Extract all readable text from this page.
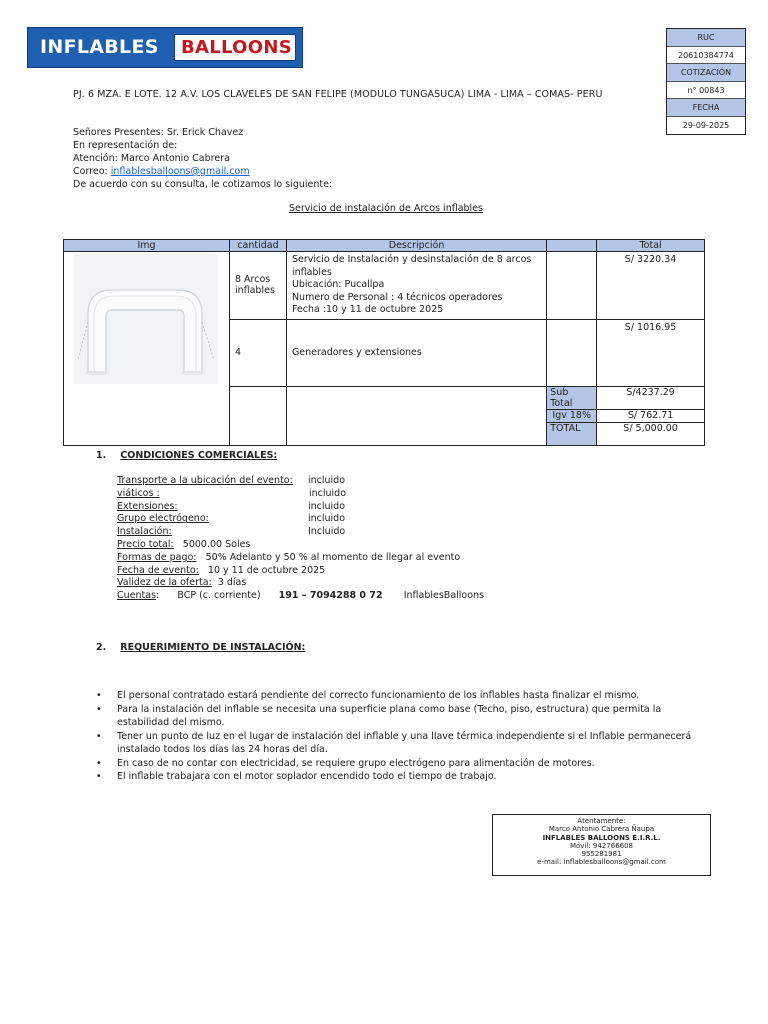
INFLABLES BALLOONS	RUC
20610384774
COTIZACIÓN
n° 00843
FECHA
29-09-2025
PJ. 6 MZA. E LOTE. 12 A.V. LOS CLAVELES DE SAN FELIPE (MODULO TUNGASUCA) LIMA - LIMA – COMAS- PERU
Señores Presentes: Sr. Erick Chavez
En representación de:
Atención: Marco Antonio Cabrera
Correo: inflablesballoons@gmail.com
De acuerdo con su consulta, le cotizamos lo siguiente:
Servicio de instalación de Arcos inflables
Img	cantidad	Descripción		Total

	8 Arcos inflables	Servicio de Instalación y desinstalación de 8 arcos inflables
Ubicación: Pucallpa
Numero de Personal : 4 técnicos operadores
Fecha :10 y 11 de octubre 2025		S/ 3220.34
	4	Generadores y extensiones		S/ 1016.95
			Sub Total	S/4237.29
			Igv 18%	S/ 762.71
			TOTAL	S/ 5,000.00
1. CONDICIONES COMERCIALES:
Transporte a la ubicación del evento: incluido

viáticos :	incluido

Extensiones:	incluido

Grupo electrógeno:	incluido

Instalación:	Incluido

Precio total: 5000.00 Soles
Formas de pago: 50% Adelanto y 50 % al momento de llegar al evento
Fecha de evento: 10 y 11 de octubre 2025
Validez de la oferta: 3 días
Cuentas:      BCP (c. corriente) 191 – 7094288 0 72 InflablesBalloons
2. REQUERIMIENTO DE INSTALACIÓN:
• El personal contratado estará pendiente del correcto funcionamiento de los inflables hasta finalizar el mismo.
• Para la instalación del inflable se necesita una superficie plana como base (Techo, piso, estructura) que permita la estabilidad del mismo.
• Tener un punto de luz en el lugar de instalación del inflable y una llave térmica independiente si el Inflable permanecerá instalado todos los días las 24 horas del día.
• En caso de no contar con electricidad, se requiere grupo electrógeno para alimentación de motores.
• El inflable trabajara con el motor soplador encendido todo el tiempo de trabajo.
Atentamente:
Marco Antonio Cabrera Ñaupa
INFLABLES BALLOONS E.I.R.L.
Móvil: 942766608
955281981
e-mail: inflablesballoons@gmail.com
